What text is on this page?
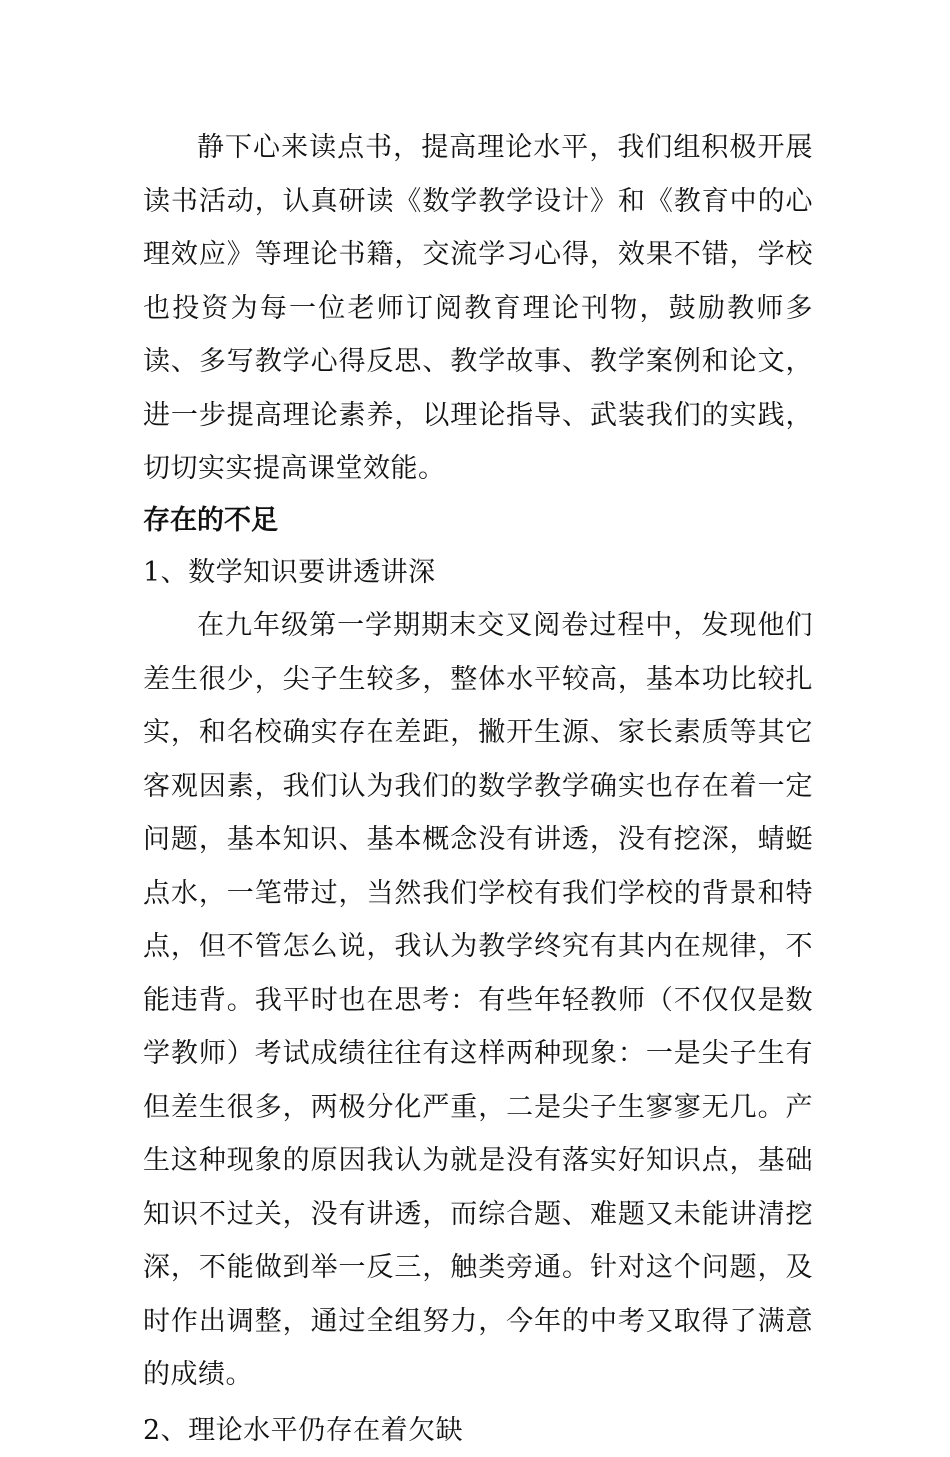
静下心来读点书，提高理论水平，我们组积极开展读书活动，认真研读《数学教学设计》和《教育中的心理效应》等理论书籍，交流学习心得，效果不错，学校也投资为每一位老师订阅教育理论刊物，鼓励教师多读、多写教学心得反思、教学故事、教学案例和论文，进一步提高理论素养，以理论指导、武装我们的实践，切切实实提高课堂效能。

存在的不足

1、数学知识要讲透讲深

在九年级第一学期期末交叉阅卷过程中，发现他们差生很少，尖子生较多，整体水平较高，基本功比较扎实，和名校确实存在差距，撇开生源、家长素质等其它客观因素，我们认为我们的数学教学确实也存在着一定问题，基本知识、基本概念没有讲透，没有挖深，蜻蜓点水，一笔带过，当然我们学校有我们学校的背景和特点，但不管怎么说，我认为教学终究有其内在规律，不能违背。我平时也在思考：有些年轻教师（不仅仅是数学教师）考试成绩往往有这样两种现象：一是尖子生有但差生很多，两极分化严重，二是尖子生寥寥无几。产生这种现象的原因我认为就是没有落实好知识点，基础知识不过关，没有讲透，而综合题、难题又未能讲清挖深，不能做到举一反三，触类旁通。针对这个问题，及时作出调整，通过全组努力，今年的中考又取得了满意的成绩。

2、理论水平仍存在着欠缺
